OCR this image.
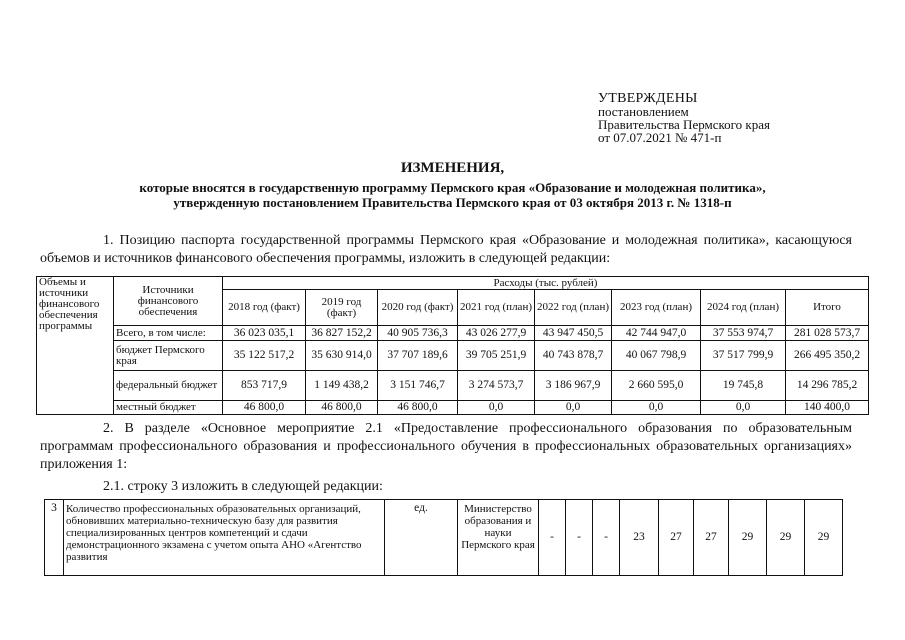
УТВЕРЖДЕНЫ
постановлением
Правительства Пермского края
от 07.07.2021 № 471-п
ИЗМЕНЕНИЯ,
которые вносятся в государственную программу Пермского края «Образование и молодежная политика»,
утвержденную постановлением Правительства Пермского края от 03 октября 2013 г. № 1318-п
1. Позицию паспорта государственной программы Пермского края «Образование и молодежная политика», касающуюся объемов и источников финансового обеспечения программы, изложить в следующей редакции:
Объемы и источники финансового обеспечения программы	Источники финансового обеспечения	Расходы (тыс. рублей)							
		2018 год (факт)	2019 год (факт)	2020 год (факт)	2021 год (план)	2022 год (план)	2023 год (план)	2024 год (план)	Итого
	Всего, в том числе:	36 023 035,1	36 827 152,2	40 905 736,3	43 026 277,9	43 947 450,5	42 744 947,0	37 553 974,7	281 028 573,7
	бюджет Пермского края	35 122 517,2	35 630 914,0	37 707 189,6	39 705 251,9	40 743 878,7	40 067 798,9	37 517 799,9	266 495 350,2
	федеральный бюджет	853 717,9	1 149 438,2	3 151 746,7	3 274 573,7	3 186 967,9	2 660 595,0	19 745,8	14 296 785,2
	местный бюджет	46 800,0	46 800,0	46 800,0	0,0	0,0	0,0	0,0	140 400,0
2. В разделе «Основное мероприятие 2.1 «Предоставление профессионального образования по образовательным программам профессионального образования и профессионального обучения в профессиональных образовательных организациях» приложения 1:
2.1. строку 3 изложить в следующей редакции:
3	Количество профессиональных образовательных организаций, обновивших материально-техническую базу для развития специализированных центров компетенций и сдачи демонстрационного экзамена с учетом опыта АНО «Агентство развития	ед.	Министерство образования и науки Пермского края	-	-	-	23	27	27	29	29	29
